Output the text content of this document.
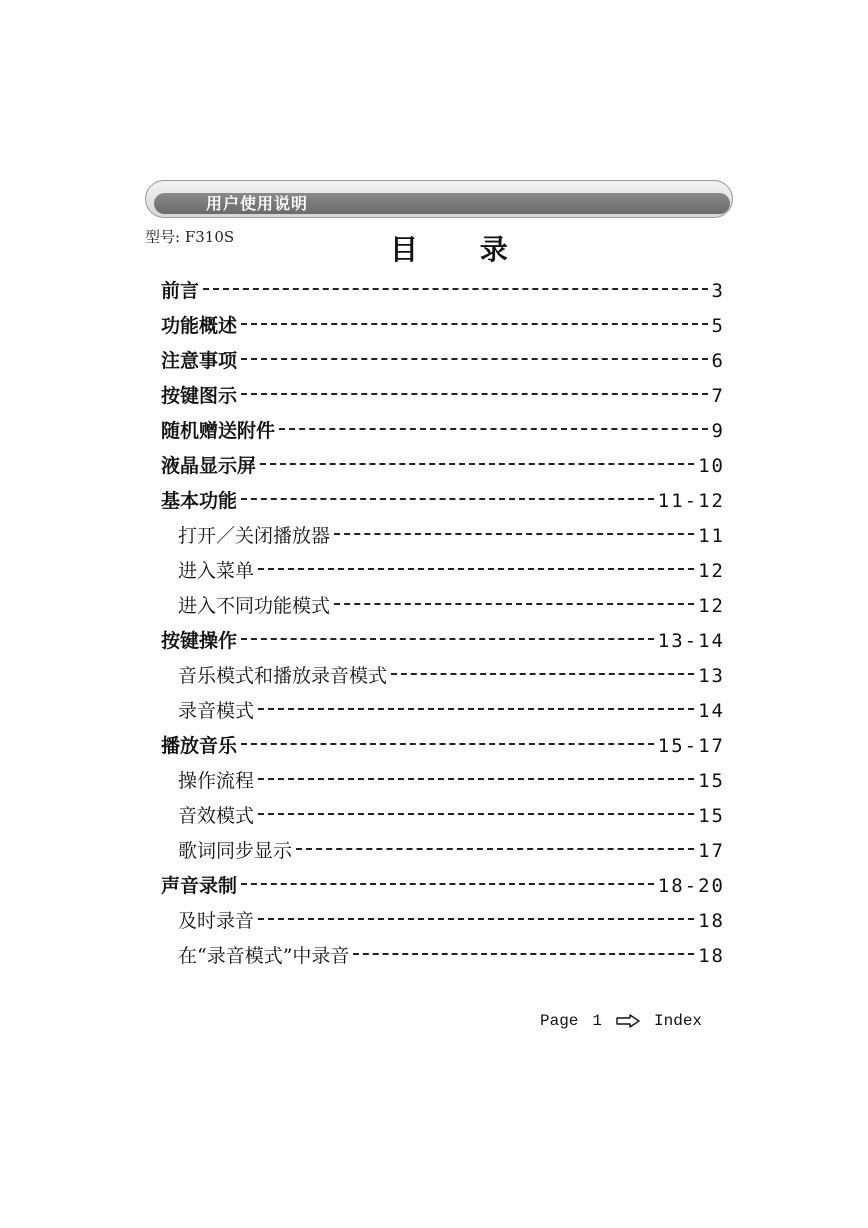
用户使用说明
型号: F310S	目 录
前言	3
功能概述	5
注意事项	6
按键图示	7
随机赠送附件	9
液晶显示屏	10
基本功能	11-12
打开／关闭播放器	11
进入菜单	12
进入不同功能模式	12
按键操作	13-14
音乐模式和播放录音模式	13
录音模式	14
播放音乐	15-17
操作流程	15
音效模式	15
歌词同步显示	17
声音录制	18-20
及时录音	18
在“录音模式”中录音	18
Page 1	Index
